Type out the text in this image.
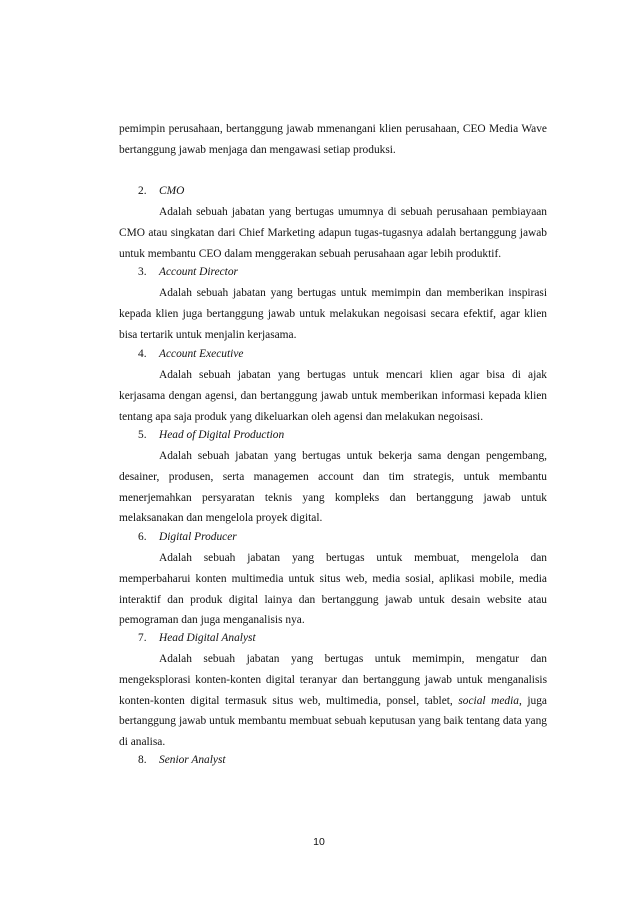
pemimpin perusahaan, bertanggung jawab mmenangani klien perusahaan, CEO Media Wave bertanggung jawab menjaga dan mengawasi setiap produksi.

2. CMO

Adalah sebuah jabatan yang bertugas umumnya di sebuah perusahaan pembiayaan CMO atau singkatan dari Chief Marketing adapun tugas-tugasnya adalah bertanggung jawab untuk membantu CEO dalam menggerakan sebuah perusahaan agar lebih produktif.

3. Account Director

Adalah sebuah jabatan yang bertugas untuk memimpin dan memberikan inspirasi kepada klien juga bertanggung jawab untuk melakukan negoisasi secara efektif, agar klien bisa tertarik untuk menjalin kerjasama.

4. Account Executive

Adalah sebuah jabatan yang bertugas untuk mencari klien agar bisa di ajak kerjasama dengan agensi, dan bertanggung jawab untuk memberikan informasi kepada klien tentang apa saja produk yang dikeluarkan oleh agensi dan melakukan negoisasi.

5. Head of Digital Production

Adalah sebuah jabatan yang bertugas untuk bekerja sama dengan pengembang, desainer, produsen, serta managemen account dan tim strategis, untuk membantu menerjemahkan persyaratan teknis yang kompleks dan bertanggung jawab untuk melaksanakan dan mengelola proyek digital.

6. Digital Producer

Adalah sebuah jabatan yang bertugas untuk membuat, mengelola dan memperbaharui konten multimedia untuk situs web, media sosial, aplikasi mobile, media interaktif dan produk digital lainya dan bertanggung jawab untuk desain website atau pemograman dan juga menganalisis nya.

7. Head Digital Analyst

Adalah sebuah jabatan yang bertugas untuk memimpin, mengatur dan mengeksplorasi konten-konten digital teranyar dan bertanggung jawab untuk menganalisis konten-konten digital termasuk situs web, multimedia, ponsel, tablet, social media, juga bertanggung jawab untuk membantu membuat sebuah keputusan yang baik tentang data yang di analisa.

8. Senior Analyst
10
